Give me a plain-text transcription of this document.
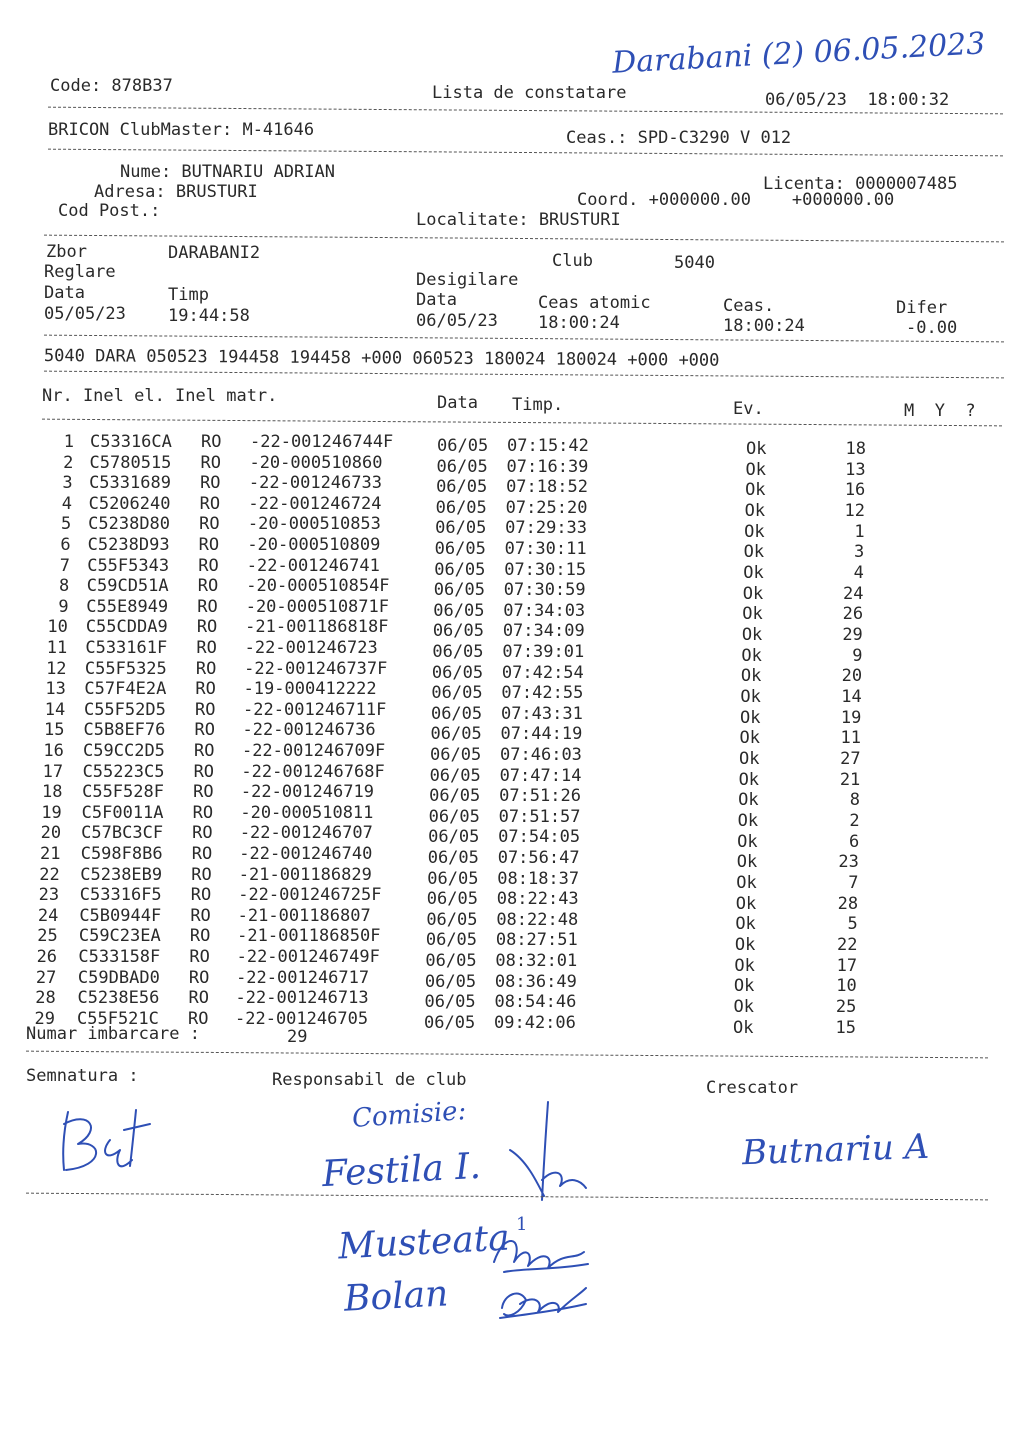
Darabani (2) 06.05.2023
Code: 878B37	Lista de constatare	06/05/23  18:00:32
BRICON ClubMaster: M-41646	Ceas.: SPD-C3290 V 012
Nume: BUTNARIU ADRIAN
Adresa: BRUSTURI
Cod Post.:
Licenta: 0000007485
Coord. +000000.00    +000000.00
Localitate: BRUSTURI
Zbor	DARABANI2	Club	5040
Reglare	Desigilare
Data	Timp	Data	Ceas atomic	Ceas.	Difer
05/05/23 19:44:58	06/05/23 18:00:24	18:00:24	-0.00
5040 DARA 050523 194458 194458 +000 060523 180024 180024 +000 +000
Nr. Inel el. Inel matr.	Data Timp.	Ev.	M  Y  ?
1 C53316CA RO -22-001246744F	06/05 07:15:42	Ok	18
2 C5780515 RO -20-000510860	06/05 07:16:39	Ok	13
3 C5331689 RO -22-001246733	06/05 07:18:52	Ok	16
4 C5206240 RO -22-001246724	06/05 07:25:20	Ok	12
5 C5238D80 RO -20-000510853	06/05 07:29:33	Ok	1
6 C5238D93 RO -20-000510809	06/05 07:30:11	Ok	3
7 C55F5343 RO -22-001246741	06/05 07:30:15	Ok	4
8 C59CD51A RO -20-000510854F	06/05 07:30:59	Ok	24
9 C55E8949 RO -20-000510871F	06/05 07:34:03	Ok	26
10 C55CDDA9 RO -21-001186818F	06/05 07:34:09	Ok	29
11 C533161F RO -22-001246723	06/05 07:39:01	Ok	9
12 C55F5325 RO -22-001246737F	06/05 07:42:54	Ok	20
13 C57F4E2A RO -19-000412222	06/05 07:42:55	Ok	14
14 C55F52D5 RO -22-001246711F	06/05 07:43:31	Ok	19
15 C5B8EF76 RO -22-001246736	06/05 07:44:19	Ok	11
16 C59CC2D5 RO -22-001246709F	06/05 07:46:03	Ok	27
17 C55223C5 RO -22-001246768F	06/05 07:47:14	Ok	21
18 C55F528F RO -22-001246719	06/05 07:51:26	Ok	8
19 C5F0011A RO -20-000510811	06/05 07:51:57	Ok	2
20 C57BC3CF RO -22-001246707	06/05 07:54:05	Ok	6
21 C598F8B6 RO -22-001246740	06/05 07:56:47	Ok	23
22 C5238EB9 RO -21-001186829	06/05 08:18:37	Ok	7
23 C53316F5 RO -22-001246725F	06/05 08:22:43	Ok	28
24 C5B0944F RO -21-001186807	06/05 08:22:48	Ok	5
25 C59C23EA RO -21-001186850F	06/05 08:27:51	Ok	22
26 C533158F RO -22-001246749F	06/05 08:32:01	Ok	17
27 C59DBAD0 RO -22-001246717	06/05 08:36:49	Ok	10
28 C5238E56 RO -22-001246713	06/05 08:54:46	Ok	25
29 C55F521C RO -22-001246705	06/05 09:42:06	Ok	15
Numar imbarcare :	29
Semnatura :	Responsabil de club	Crescator
Comisie:
Festila I.
1
Musteata
Bolan
Butnariu A
